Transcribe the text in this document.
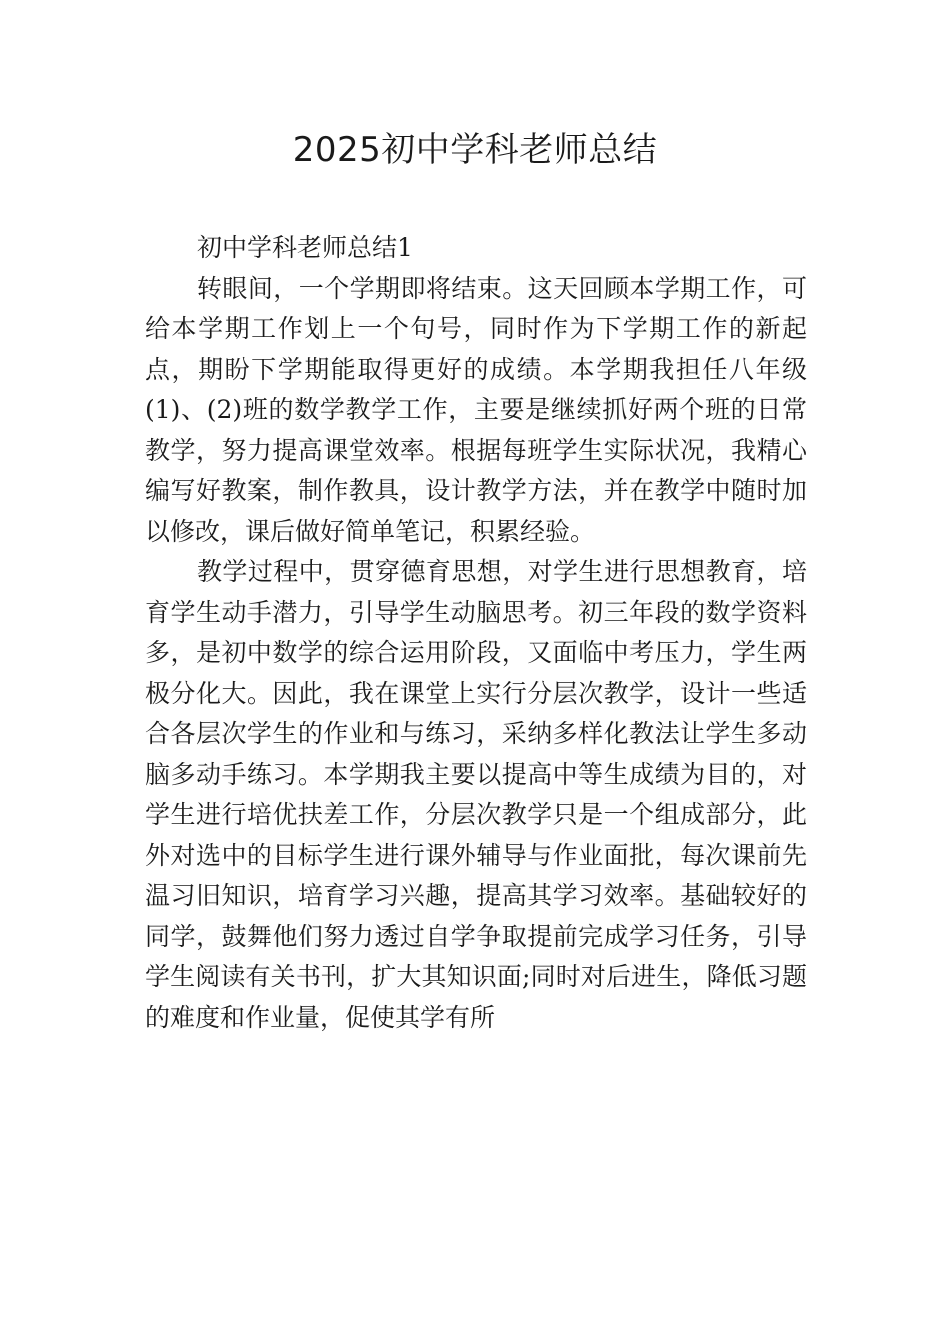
2025初中学科老师总结

初中学科老师总结1

转眼间，一个学期即将结束。这天回顾本学期工作，可给本学期工作划上一个句号，同时作为下学期工作的新起点，期盼下学期能取得更好的成绩。本学期我担任八年级(1)、(2)班的数学教学工作，主要是继续抓好两个班的日常教学，努力提高课堂效率。根据每班学生实际状况，我精心编写好教案，制作教具，设计教学方法，并在教学中随时加以修改，课后做好简单笔记，积累经验。

教学过程中，贯穿德育思想，对学生进行思想教育，培育学生动手潜力，引导学生动脑思考。初三年段的数学资料多，是初中数学的综合运用阶段，又面临中考压力，学生两极分化大。因此，我在课堂上实行分层次教学，设计一些适合各层次学生的作业和与练习，采纳多样化教法让学生多动脑多动手练习。本学期我主要以提高中等生成绩为目的，对学生进行培优扶差工作，分层次教学只是一个组成部分，此外对选中的目标学生进行课外辅导与作业面批，每次课前先温习旧知识，培育学习兴趣，提高其学习效率。基础较好的同学，鼓舞他们努力透过自学争取提前完成学习任务，引导学生阅读有关书刊，扩大其知识面;同时对后进生，降低习题的难度和作业量，促使其学有所
